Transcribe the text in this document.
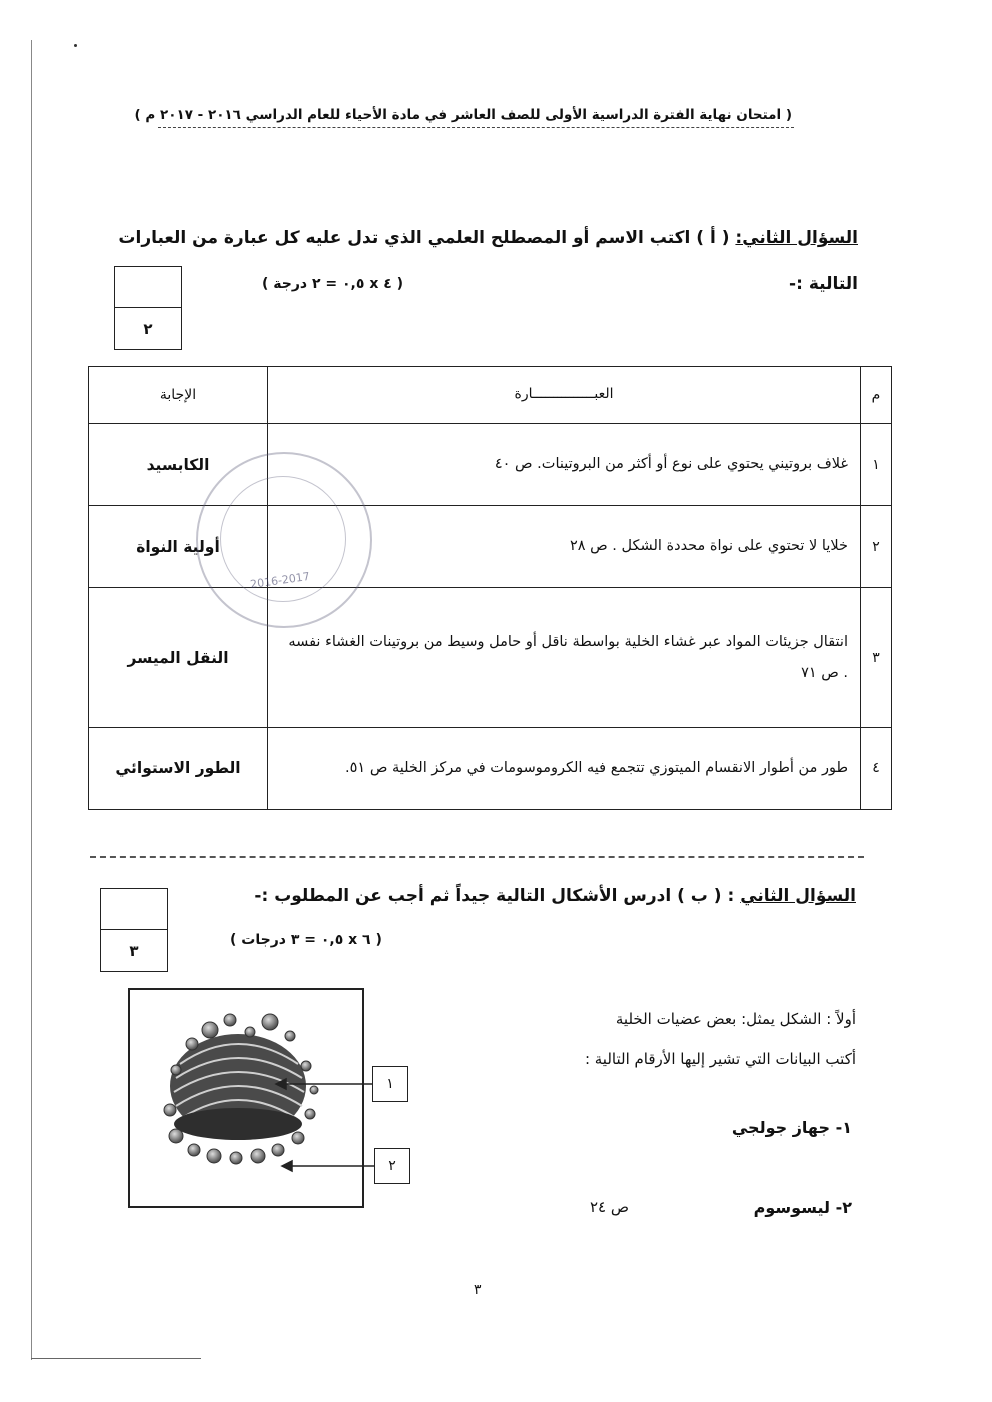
( امتحان نهاية الفترة الدراسية الأولى للصف العاشر في مادة الأحياء للعام الدراسي ٢٠١٦ - ٢٠١٧ م )
السؤال الثاني: ( أ ) اكتب الاسم أو المصطلح العلمي الذي تدل عليه كل عبارة من العبارات
التالية :-
( ٤ x ٠,٥ = ٢ درجة )
٢
م	العبـــــــــــــــارة	الإجابة
١	غلاف بروتيني يحتوي على نوع أو أكثر من البروتينات. ص ٤٠	الكابسيد
٢	خلايا لا تحتوي على نواة محددة الشكل . ص ٢٨	أولية النواة
٣	انتقال جزيئات المواد عبر غشاء الخلية بواسطة ناقل أو حامل وسيط من بروتينات الغشاء نفسه . ص ٧١	النقل الميسر
٤	طور من أطوار الانقسام الميتوزي تتجمع فيه الكروموسومات في مركز الخلية ص ٥١.	الطور الاستوائي
2016-2017
السؤال الثاني : ( ب ) ادرس الأشكال التالية جيداً ثم أجب عن المطلوب :-
( ٦ x ٠,٥ = ٣ درجات )
٣
١
٢
أولاً : الشكل يمثل: بعض عضيات الخلية
أكتب البيانات التي تشير إليها الأرقام التالية :
١- جهاز جولجي
٢- ليسوسوم
ص ٢٤
٣
